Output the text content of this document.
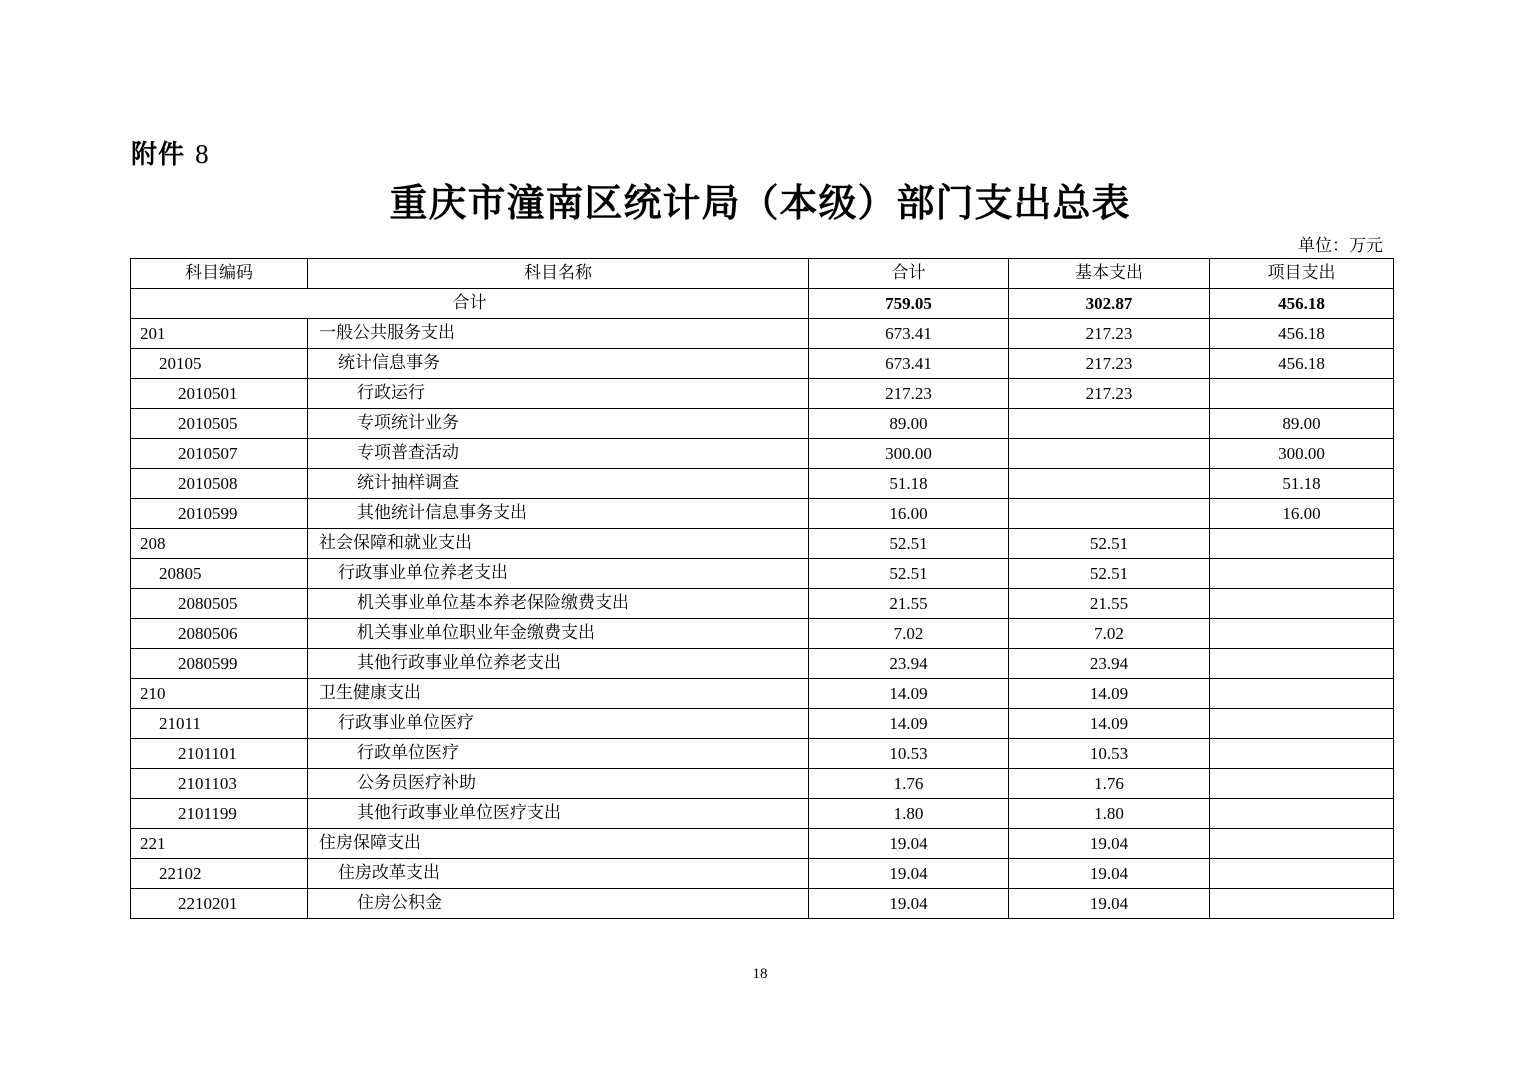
附件 8
重庆市潼南区统计局（本级）部门支出总表
单位：万元
科目编码	科目名称	合计	基本支出	项目支出
合计		759.05	302.87	456.18
201	一般公共服务支出	673.41	217.23	456.18
20105	统计信息事务	673.41	217.23	456.18
2010501	行政运行	217.23	217.23	
2010505	专项统计业务	89.00		89.00
2010507	专项普查活动	300.00		300.00
2010508	统计抽样调查	51.18		51.18
2010599	其他统计信息事务支出	16.00		16.00
208	社会保障和就业支出	52.51	52.51	
20805	行政事业单位养老支出	52.51	52.51	
2080505	机关事业单位基本养老保险缴费支出	21.55	21.55	
2080506	机关事业单位职业年金缴费支出	7.02	7.02	
2080599	其他行政事业单位养老支出	23.94	23.94	
210	卫生健康支出	14.09	14.09	
21011	行政事业单位医疗	14.09	14.09	
2101101	行政单位医疗	10.53	10.53	
2101103	公务员医疗补助	1.76	1.76	
2101199	其他行政事业单位医疗支出	1.80	1.80	
221	住房保障支出	19.04	19.04	
22102	住房改革支出	19.04	19.04	
2210201	住房公积金	19.04	19.04	
18
